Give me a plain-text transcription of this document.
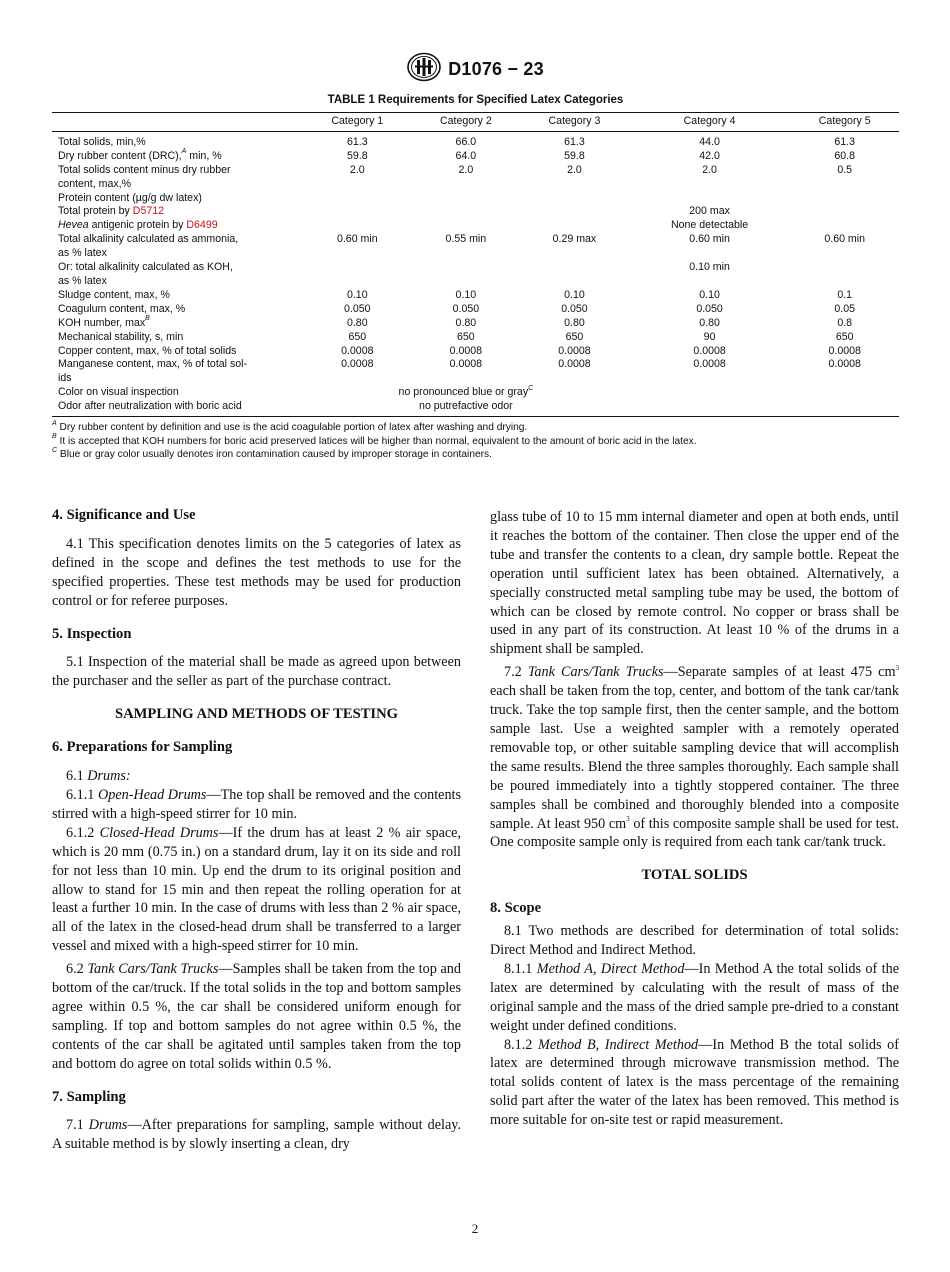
D1076 − 23
TABLE 1 Requirements for Specified Latex Categories
	Category 1	Category 2	Category 3	Category 4	Category 5
Total solids, min,%	61.3	66.0	61.3	44.0	61.3
Dry rubber content (DRC),$^A$ min, %	59.8	64.0	59.8	42.0	60.8
Total solids content minus dry rubber	2.0	2.0	2.0	2.0	0.5
content, max,%					
Protein content (µg/g dw latex)					
Total protein by D5712				200 max	
Hevea antigenic protein by D6499				None detectable	
Total alkalinity calculated as ammonia,	0.60 min	0.55 min	0.29 max	0.60 min	0.60 min
as % latex					
Or: total alkalinity calculated as KOH,				0.10 min	
as % latex					
Sludge content, max, %	0.10	0.10	0.10	0.10	0.1
Coagulum content, max, %	0.050	0.050	0.050	0.050	0.05
KOH number, $\max^B$	0.80	0.80	0.80	0.80	0.8
Mechanical stability, s, min	650	650	650	90	650
Copper content, max, % of total solids	0.0008	0.0008	0.0008	0.0008	0.0008
Manganese content, max, % of total sol-	0.0008	0.0008	0.0008	0.0008	0.0008
ids					
Color on visual inspection	no pronounced blue or gray$^C$	
Odor after neutralization with boric acid	no putrefactive odor				
$^A$ Dry rubber content by definition and use is the acid coagulable portion of latex after washing and drying.
$^B$ It is accepted that KOH numbers for boric acid preserved latices will be higher than normal, equivalent to the amount of boric acid in the latex.
$^C$ Blue or gray color usually denotes iron contamination caused by improper storage in containers.
4. Significance and Use

4.1 This specification denotes limits on the 5 categories of latex as defined in the scope and defines the test methods to use for the specified properties. These test methods may be used for production control or for referee purposes.

5. Inspection

5.1 Inspection of the material shall be made as agreed upon between the purchaser and the seller as part of the purchase contract.

SAMPLING AND METHODS OF TESTING

6. Preparations for Sampling

6.1 Drums:

6.1.1 Open-Head Drums—The top shall be removed and the contents stirred with a high-speed stirrer for 10 min.

6.1.2 Closed-Head Drums—If the drum has at least 2 % air space, which is 20 mm (0.75 in.) on a standard drum, lay it on its side and roll for not less than 10 min. Up end the drum to its original position and allow to stand for 15 min and then repeat the rolling operation for at least a further 10 min. In the case of drums with less than 2 % air space, all of the latex in the closed-head drum shall be transferred to a larger vessel and mixed with a high-speed stirrer for 10 min.

6.2 Tank Cars/Tank Trucks—Samples shall be taken from the top and bottom of the car/truck. If the total solids in the top and bottom samples agree within 0.5 %, the car shall be considered uniform enough for sampling. If top and bottom samples do not agree within 0.5 %, the contents of the car shall be agitated until samples taken from the top and bottom do agree on total solids within 0.5 %.

7. Sampling

7.1 Drums—After preparations for sampling, sample without delay. A suitable method is by slowly inserting a clean, dry

glass tube of 10 to 15 mm internal diameter and open at both ends, until it reaches the bottom of the container. Then close the upper end of the tube and transfer the contents to a clean, dry sample bottle. Repeat the operation until sufficient latex has been obtained. Alternatively, a specially constructed metal sampling tube may be used, the bottom of which can be closed by remote control. No copper or brass shall be used in any part of its construction. At least 10 % of the drums in a shipment shall be sampled.

7.2 Tank Cars/Tank Trucks—Separate samples of at least 475 $cm^3$ each shall be taken from the top, center, and bottom of the tank car/tank truck. Take the top sample first, then the center sample, and the bottom sample last. Use a weighted sampler with a remotely operated removable top, or other suitable sampling device that will accomplish the same results. Blend the three samples thoroughly. Each sample shall be poured immediately into a tightly stoppered container. The three samples shall be combined and thoroughly blended into a composite sample. At least 950 $cm^3$ of this composite sample shall be used for test. One composite sample only is required from each tank car/tank truck.

TOTAL SOLIDS

8. Scope

8.1 Two methods are described for determination of total solids: Direct Method and Indirect Method.

8.1.1 Method A, Direct Method—In Method A the total solids of the latex are determined by calculating with the result of mass of the original sample and the mass of the dried sample pre-dried to a constant weight under defined conditions.

8.1.2 Method B, Indirect Method—In Method B the total solids of latex are determined through microwave transmission method. The total solids content of latex is the mass percentage of the remaining solid part after the water of the latex has been removed. This method is more suitable for on-site test or rapid measurement.

2
